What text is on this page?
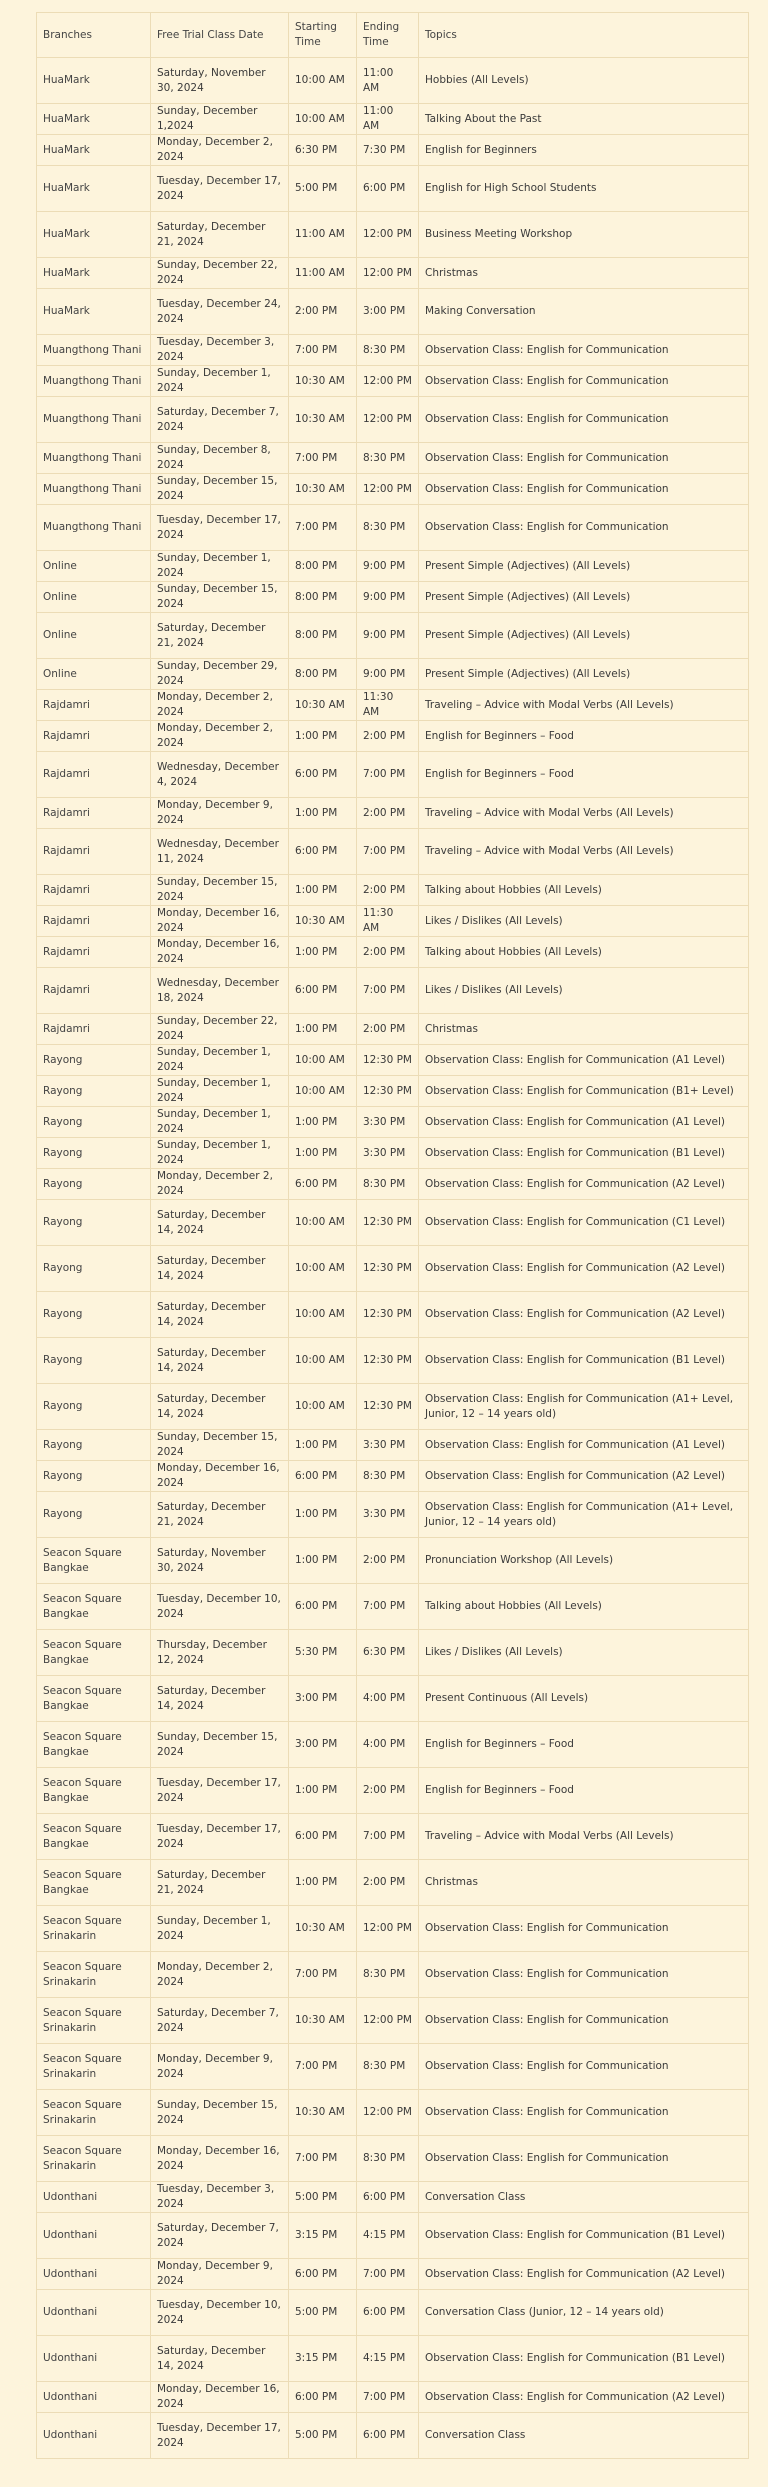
Branches	Free Trial Class Date	Starting Time	Ending Time	Topics
HuaMark	Saturday, November 30, 2024	10:00 AM	11:00 AM	Hobbies (All Levels)
HuaMark	Sunday, December 1,2024	10:00 AM	11:00 AM	Talking About the Past
HuaMark	Monday, December 2, 2024	6:30 PM	7:30 PM	English for Beginners
HuaMark	Tuesday, December 17, 2024	5:00 PM	6:00 PM	English for High School Students
HuaMark	Saturday, December 21, 2024	11:00 AM	12:00 PM	Business Meeting Workshop
HuaMark	Sunday, December 22, 2024	11:00 AM	12:00 PM	Christmas
HuaMark	Tuesday, December 24, 2024	2:00 PM	3:00 PM	Making Conversation
Muangthong Thani	Tuesday, December 3, 2024	7:00 PM	8:30 PM	Observation Class: English for Communication
Muangthong Thani	Sunday, December 1, 2024	10:30 AM	12:00 PM	Observation Class: English for Communication
Muangthong Thani	Saturday, December 7, 2024	10:30 AM	12:00 PM	Observation Class: English for Communication
Muangthong Thani	Sunday, December 8, 2024	7:00 PM	8:30 PM	Observation Class: English for Communication
Muangthong Thani	Sunday, December 15, 2024	10:30 AM	12:00 PM	Observation Class: English for Communication
Muangthong Thani	Tuesday, December 17, 2024	7:00 PM	8:30 PM	Observation Class: English for Communication
Online	Sunday, December 1, 2024	8:00 PM	9:00 PM	Present Simple (Adjectives) (All Levels)
Online	Sunday, December 15, 2024	8:00 PM	9:00 PM	Present Simple (Adjectives) (All Levels)
Online	Saturday, December 21, 2024	8:00 PM	9:00 PM	Present Simple (Adjectives) (All Levels)
Online	Sunday, December 29, 2024	8:00 PM	9:00 PM	Present Simple (Adjectives) (All Levels)
Rajdamri	Monday, December 2, 2024	10:30 AM	11:30 AM	Traveling – Advice with Modal Verbs (All Levels)
Rajdamri	Monday, December 2, 2024	1:00 PM	2:00 PM	English for Beginners – Food
Rajdamri	Wednesday, December 4, 2024	6:00 PM	7:00 PM	English for Beginners – Food
Rajdamri	Monday, December 9, 2024	1:00 PM	2:00 PM	Traveling – Advice with Modal Verbs (All Levels)
Rajdamri	Wednesday, December 11, 2024	6:00 PM	7:00 PM	Traveling – Advice with Modal Verbs (All Levels)
Rajdamri	Sunday, December 15, 2024	1:00 PM	2:00 PM	Talking about Hobbies (All Levels)
Rajdamri	Monday, December 16, 2024	10:30 AM	11:30 AM	Likes / Dislikes (All Levels)
Rajdamri	Monday, December 16, 2024	1:00 PM	2:00 PM	Talking about Hobbies (All Levels)
Rajdamri	Wednesday, December 18, 2024	6:00 PM	7:00 PM	Likes / Dislikes (All Levels)
Rajdamri	Sunday, December 22, 2024	1:00 PM	2:00 PM	Christmas
Rayong	Sunday, December 1, 2024	10:00 AM	12:30 PM	Observation Class: English for Communication (A1 Level)
Rayong	Sunday, December 1, 2024	10:00 AM	12:30 PM	Observation Class: English for Communication (B1+ Level)
Rayong	Sunday, December 1, 2024	1:00 PM	3:30 PM	Observation Class: English for Communication (A1 Level)
Rayong	Sunday, December 1, 2024	1:00 PM	3:30 PM	Observation Class: English for Communication (B1 Level)
Rayong	Monday, December 2, 2024	6:00 PM	8:30 PM	Observation Class: English for Communication (A2 Level)
Rayong	Saturday, December 14, 2024	10:00 AM	12:30 PM	Observation Class: English for Communication (C1 Level)
Rayong	Saturday, December 14, 2024	10:00 AM	12:30 PM	Observation Class: English for Communication (A2 Level)
Rayong	Saturday, December 14, 2024	10:00 AM	12:30 PM	Observation Class: English for Communication (A2 Level)
Rayong	Saturday, December 14, 2024	10:00 AM	12:30 PM	Observation Class: English for Communication (B1 Level)
Rayong	Saturday, December 14, 2024	10:00 AM	12:30 PM	Observation Class: English for Communication (A1+ Level, Junior, 12 – 14 years old)
Rayong	Sunday, December 15, 2024	1:00 PM	3:30 PM	Observation Class: English for Communication (A1 Level)
Rayong	Monday, December 16, 2024	6:00 PM	8:30 PM	Observation Class: English for Communication (A2 Level)
Rayong	Saturday, December 21, 2024	1:00 PM	3:30 PM	Observation Class: English for Communication (A1+ Level, Junior, 12 – 14 years old)
Seacon Square Bangkae	Saturday, November 30, 2024	1:00 PM	2:00 PM	Pronunciation Workshop (All Levels)
Seacon Square Bangkae	Tuesday, December 10, 2024	6:00 PM	7:00 PM	Talking about Hobbies (All Levels)
Seacon Square Bangkae	Thursday, December 12, 2024	5:30 PM	6:30 PM	Likes / Dislikes (All Levels)
Seacon Square Bangkae	Saturday, December 14, 2024	3:00 PM	4:00 PM	Present Continuous (All Levels)
Seacon Square Bangkae	Sunday, December 15, 2024	3:00 PM	4:00 PM	English for Beginners – Food
Seacon Square Bangkae	Tuesday, December 17, 2024	1:00 PM	2:00 PM	English for Beginners – Food
Seacon Square Bangkae	Tuesday, December 17, 2024	6:00 PM	7:00 PM	Traveling – Advice with Modal Verbs (All Levels)
Seacon Square Bangkae	Saturday, December 21, 2024	1:00 PM	2:00 PM	Christmas
Seacon Square Srinakarin	Sunday, December 1, 2024	10:30 AM	12:00 PM	Observation Class: English for Communication
Seacon Square Srinakarin	Monday, December 2, 2024	7:00 PM	8:30 PM	Observation Class: English for Communication
Seacon Square Srinakarin	Saturday, December 7, 2024	10:30 AM	12:00 PM	Observation Class: English for Communication
Seacon Square Srinakarin	Monday, December 9, 2024	7:00 PM	8:30 PM	Observation Class: English for Communication
Seacon Square Srinakarin	Sunday, December 15, 2024	10:30 AM	12:00 PM	Observation Class: English for Communication
Seacon Square Srinakarin	Monday, December 16, 2024	7:00 PM	8:30 PM	Observation Class: English for Communication
Udonthani	Tuesday, December 3, 2024	5:00 PM	6:00 PM	Conversation Class
Udonthani	Saturday, December 7, 2024	3:15 PM	4:15 PM	Observation Class: English for Communication (B1 Level)
Udonthani	Monday, December 9, 2024	6:00 PM	7:00 PM	Observation Class: English for Communication (A2 Level)
Udonthani	Tuesday, December 10, 2024	5:00 PM	6:00 PM	Conversation Class (Junior, 12 – 14 years old)
Udonthani	Saturday, December 14, 2024	3:15 PM	4:15 PM	Observation Class: English for Communication (B1 Level)
Udonthani	Monday, December 16, 2024	6:00 PM	7:00 PM	Observation Class: English for Communication (A2 Level)
Udonthani	Tuesday, December 17, 2024	5:00 PM	6:00 PM	Conversation Class
